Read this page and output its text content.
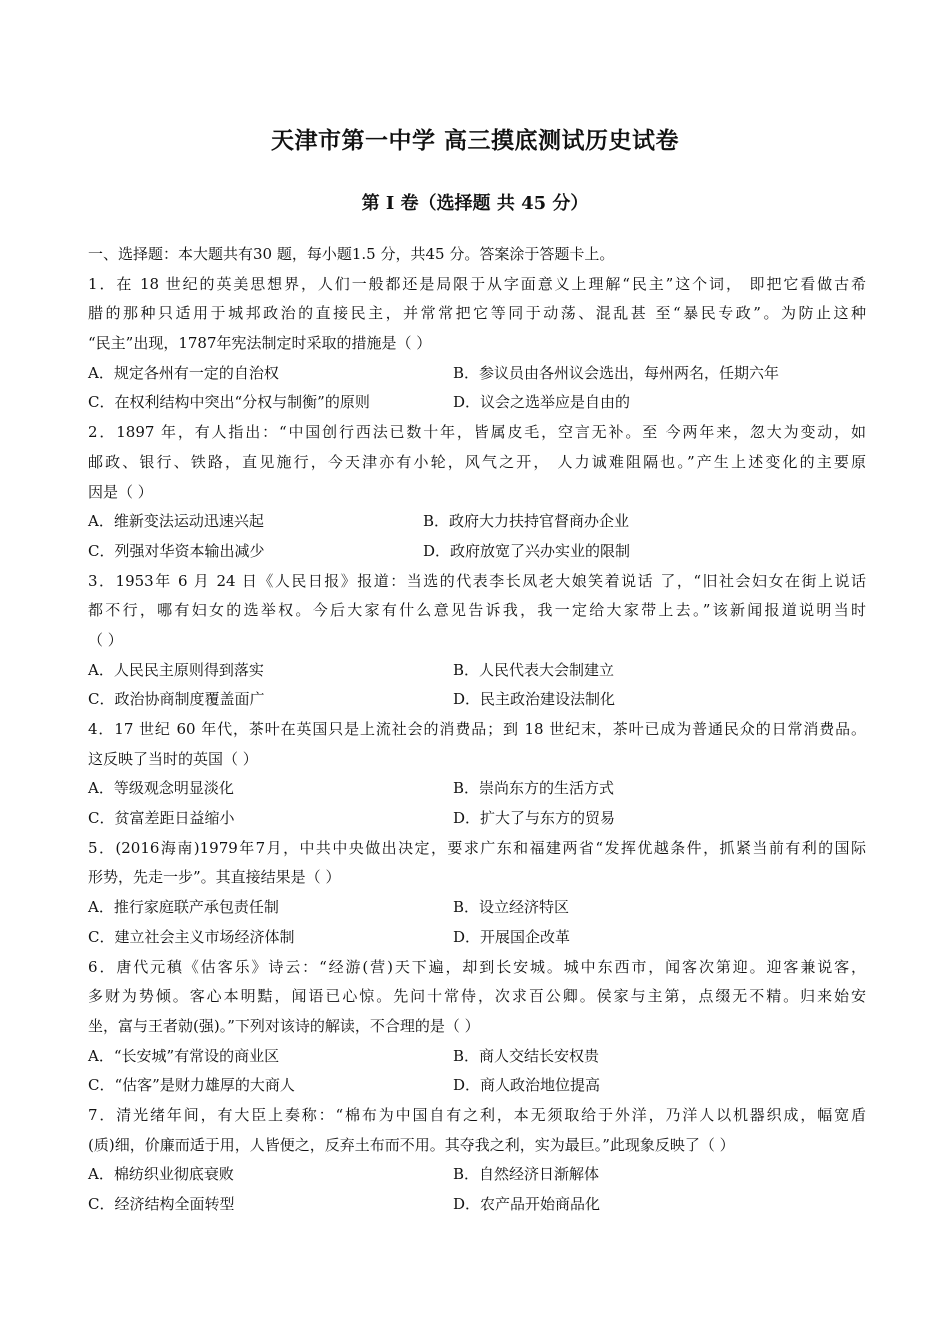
天津市第一中学 高三摸底测试历史试卷
第 I 卷（选择题 共 45 分）
一、选择题：本大题共有30 题，每小题1.5 分，共45 分。答案涂于答题卡上。
1．在 18 世纪的英美思想界，人们一般都还是局限于从字面意义上理解“民主”这个词， 即把它看做古希
腊的那种只适用于城邦政治的直接民主，并常常把它等同于动荡、混乱甚 至“暴民专政”。为防止这种
“民主”出现，1787年宪法制定时采取的措施是（ ）
A．规定各州有一定的自治权	B．参议员由各州议会选出，每州两名，任期六年
C．在权利结构中突出“分权与制衡”的原则	D．议会之选举应是自由的
2．1897 年，有人指出：“中国创行西法已数十年，皆属皮毛，空言无补。至 今两年来，忽大为变动，如
邮政、银行、铁路，直见施行，今天津亦有小轮，风气之开， 人力诚难阻隔也。”产生上述变化的主要原
因是（ ）
A．维新变法运动迅速兴起	B．政府大力扶持官督商办企业
C．列强对华资本输出减少	D．政府放宽了兴办实业的限制
3．1953年 6 月 24 日《人民日报》报道：当选的代表李长凤老大娘笑着说话 了，“旧社会妇女在街上说话
都不行，哪有妇女的选举权。今后大家有什么意见告诉我，我一定给大家带上去。”该新闻报道说明当时
（ ）
A．人民民主原则得到落实	B．人民代表大会制建立
C．政治协商制度覆盖面广	D．民主政治建设法制化
4．17 世纪 60 年代，茶叶在英国只是上流社会的消费品；到 18 世纪末，茶叶已成为普通民众的日常消费品。
这反映了当时的英国（ ）
A．等级观念明显淡化	B．崇尚东方的生活方式
C．贫富差距日益缩小	D．扩大了与东方的贸易
5．(2016海南)1979年7月，中共中央做出决定，要求广东和福建两省“发挥优越条件，抓紧当前有利的国际
形势，先走一步”。其直接结果是（ ）
A．推行家庭联产承包责任制	B．设立经济特区
C．建立社会主义市场经济体制	D．开展国企改革
6．唐代元稹《估客乐》诗云：“经游(营)天下遍，却到长安城。城中东西市，闻客次第迎。迎客兼说客，
多财为势倾。客心本明黠，闻语已心惊。先问十常侍，次求百公卿。侯家与主第，点缀无不精。归来始安
坐，富与王者勍(强)。”下列对该诗的解读，不合理的是（ ）
A．“长安城”有常设的商业区	B．商人交结长安权贵
C．“估客”是财力雄厚的大商人	D．商人政治地位提高
7．清光绪年间，有大臣上奏称：“棉布为中国自有之利，本无须取给于外洋，乃洋人以机器织成，幅宽盾
(质)细，价廉而适于用，人皆便之，反弃土布而不用。其夺我之利，实为最巨。”此现象反映了（ ）
A．棉纺织业彻底衰败	B．自然经济日渐解体
C．经济结构全面转型	D．农产品开始商品化
